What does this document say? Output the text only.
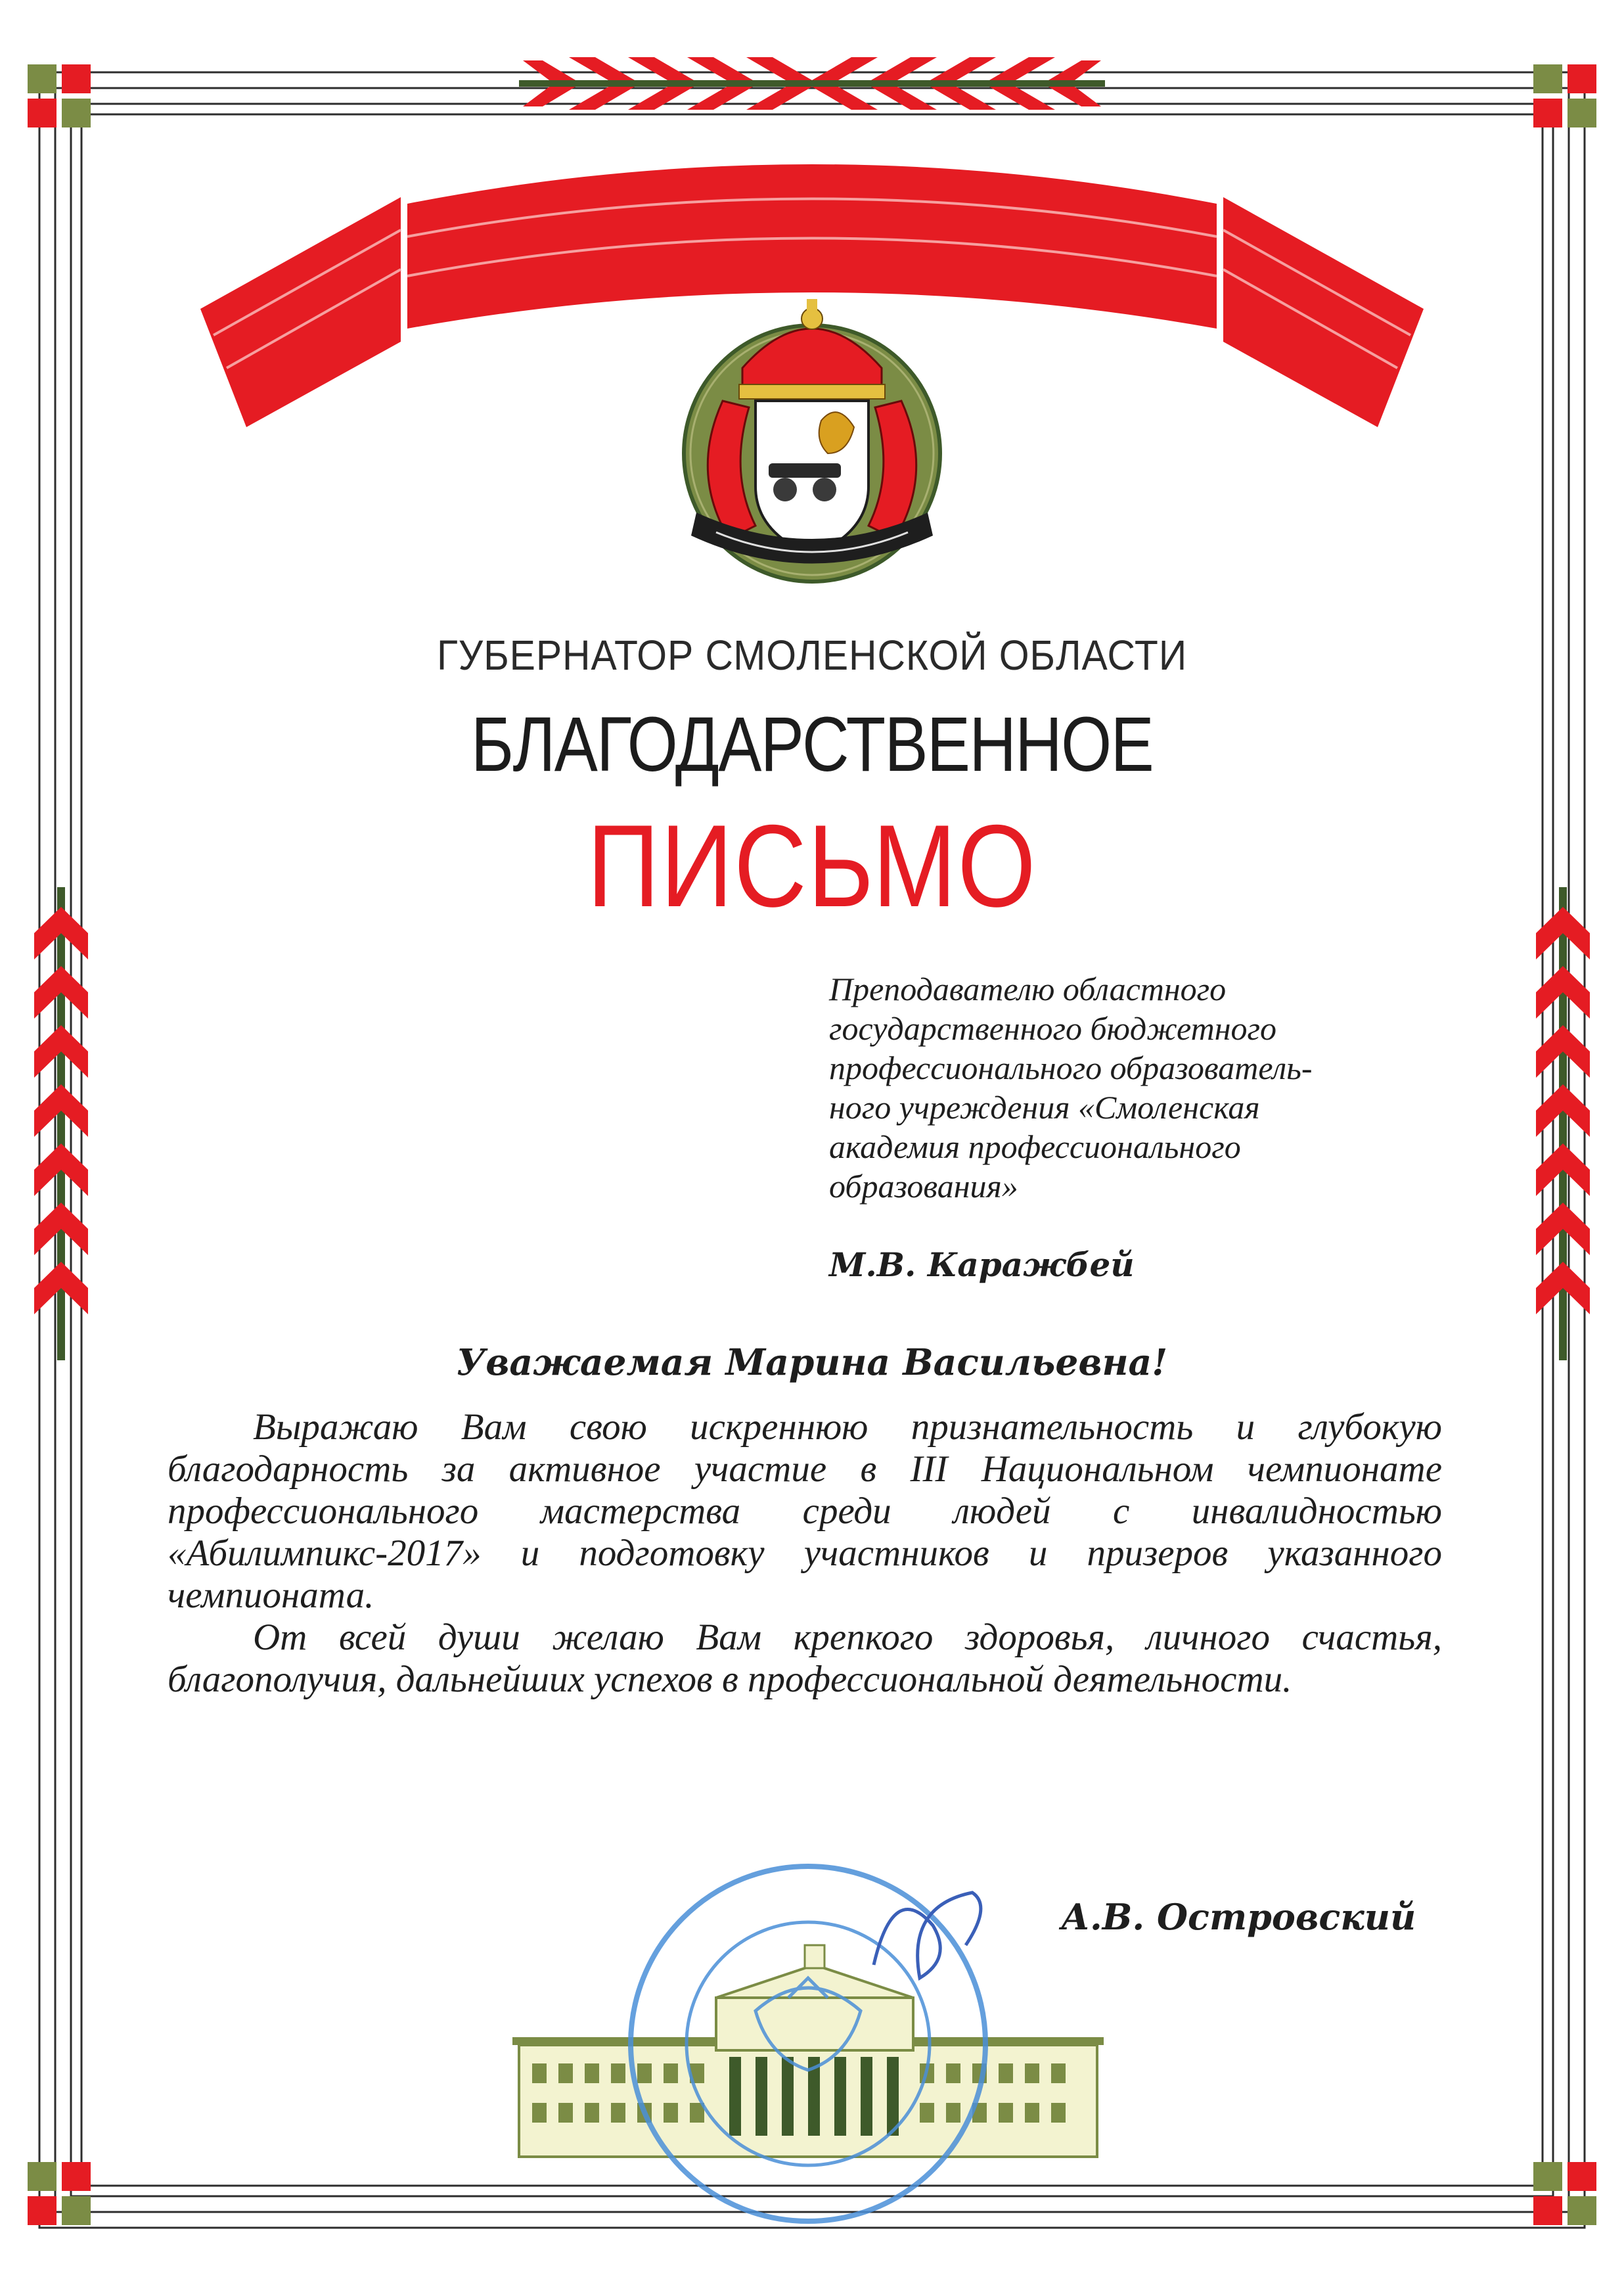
ГУБЕРНАТОР СМОЛЕНСКОЙ ОБЛАСТИ
БЛАГОДАРСТВЕННОЕ
ПИСЬМО
Преподавателю областного
государственного бюджетного
профессионального образователь-
ного учреждения «Смоленская
академия профессионального
образования»
М.В. Каражбей
Уважаемая Марина Васильевна!

Выражаю Вам свою искреннюю признательность и глубокую благодарность за активное участие в III Национальном чемпионате профессионального мастерства среди людей с инвалидностью «Абилимпикс-2017» и подготовку участников и призеров указанного чемпионата.

От всей души желаю Вам крепкого здоровья, личного счастья, благополучия, дальнейших успехов в профессиональной деятельности.

А.В. Островский
